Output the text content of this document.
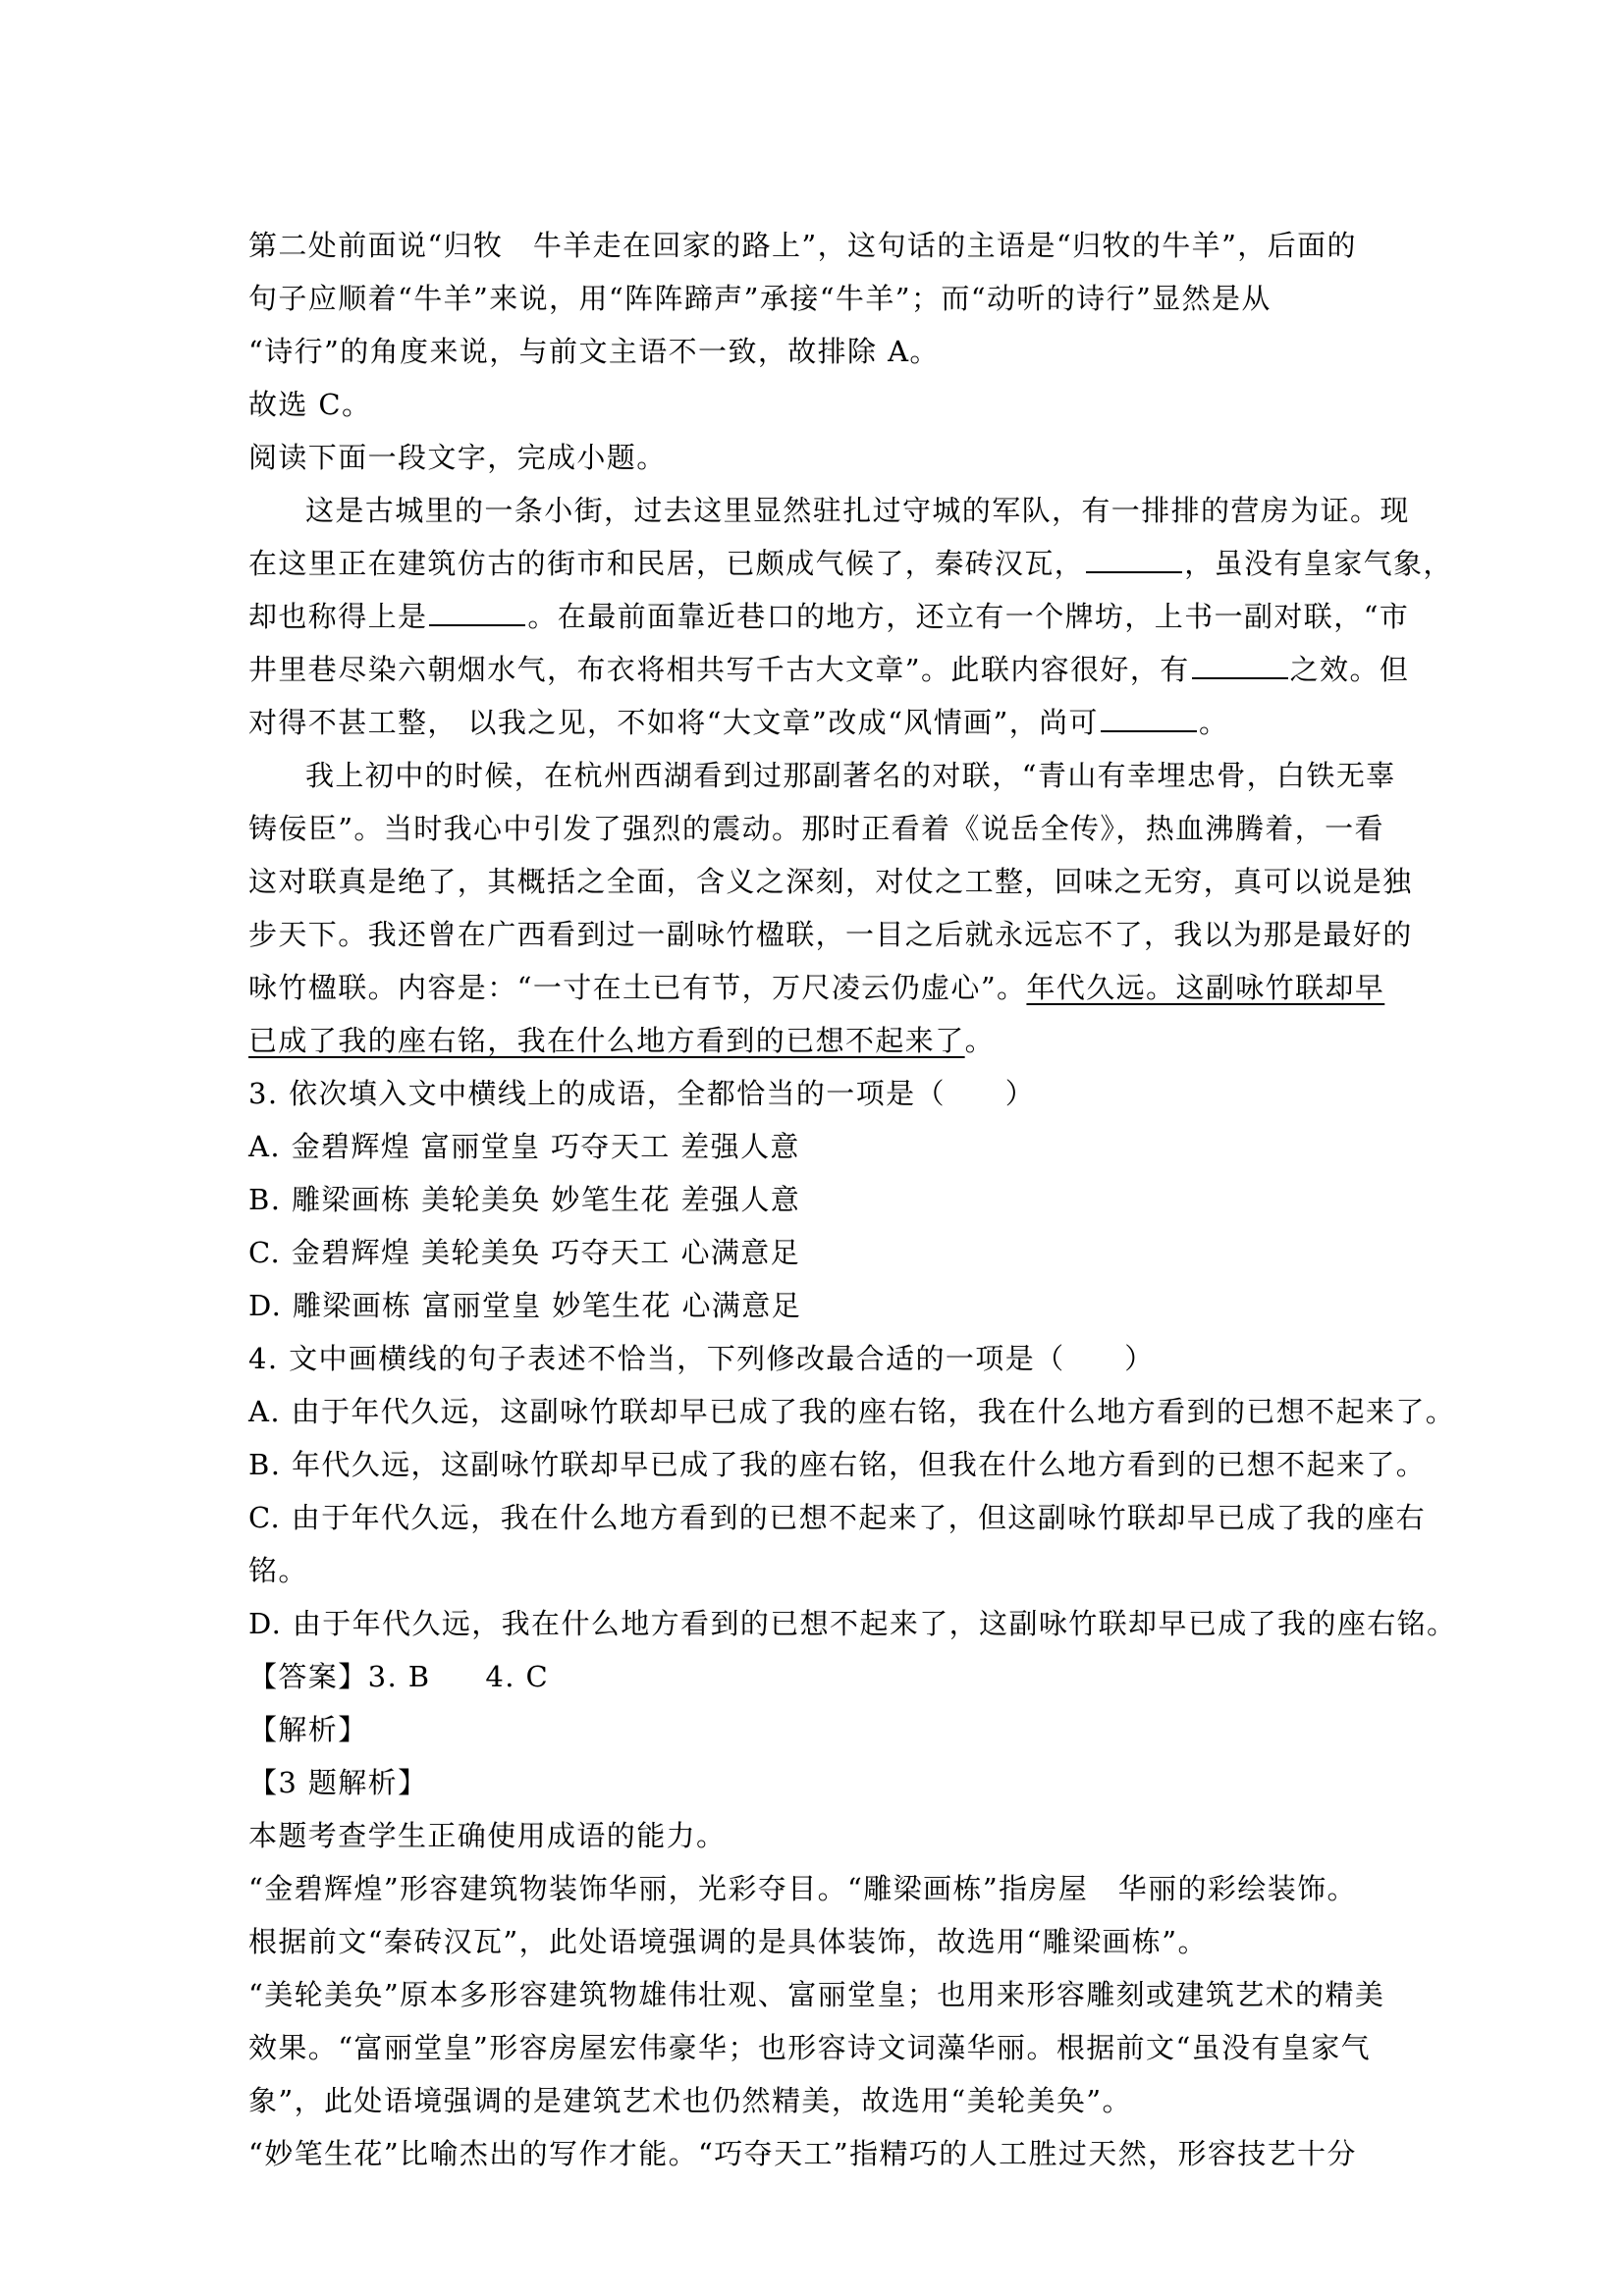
第二处前面说“归牧　牛羊走在回家的路上”，这句话的主语是“归牧的牛羊”，后面的
句子应顺着“牛羊”来说，用“阵阵蹄声”承接“牛羊”；而“动听的诗行”显然是从
“诗行”的角度来说，与前文主语不一致，故排除 A。
故选 C。
阅读下面一段文字，完成小题。
这是古城里的一条小街，过去这里显然驻扎过守城的军队，有一排排的营房为证。现
在这里正在建筑仿古的街市和民居，已颇成气候了，秦砖汉瓦，	，虽没有皇家气象，
却也称得上是	。在最前面靠近巷口的地方，还立有一个牌坊，上书一副对联，“市
井里巷尽染六朝烟水气，布衣将相共写千古大文章”。此联内容很好，有	之效。但
对得不甚工整， 以我之见，不如将“大文章”改成“风情画”，尚可	。
我上初中的时候，在杭州西湖看到过那副著名的对联，“青山有幸埋忠骨，白铁无辜
铸佞臣”。当时我心中引发了强烈的震动。那时正看着《说岳全传》，热血沸腾着，一看
这对联真是绝了，其概括之全面，含义之深刻，对仗之工整，回味之无穷，真可以说是独
步天下。我还曾在广西看到过一副咏竹楹联，一目之后就永远忘不了，我以为那是最好的
咏竹楹联。内容是：“一寸在土已有节，万尺凌云仍虚心”。年代久远。这副咏竹联却早
已成了我的座右铭，我在什么地方看到的已想不起来了。
3. 依次填入文中横线上的成语，全都恰当的一项是（　　）
A. 金碧辉煌 富丽堂皇 巧夺天工 差强人意
B. 雕梁画栋 美轮美奂 妙笔生花 差强人意
C. 金碧辉煌 美轮美奂 巧夺天工 心满意足
D. 雕梁画栋 富丽堂皇 妙笔生花 心满意足
4. 文中画横线的句子表述不恰当，下列修改最合适的一项是（　　）
A. 由于年代久远，这副咏竹联却早已成了我的座右铭，我在什么地方看到的已想不起来了。
B. 年代久远，这副咏竹联却早已成了我的座右铭，但我在什么地方看到的已想不起来了。
C. 由于年代久远，我在什么地方看到的已想不起来了，但这副咏竹联却早已成了我的座右
铭。
D. 由于年代久远，我在什么地方看到的已想不起来了，这副咏竹联却早已成了我的座右铭。
【答案】3. B 4. C
【解析】
【3 题解析】
本题考查学生正确使用成语的能力。
“金碧辉煌”形容建筑物装饰华丽，光彩夺目。“雕梁画栋”指房屋　华丽的彩绘装饰。
根据前文“秦砖汉瓦”，此处语境强调的是具体装饰，故选用“雕梁画栋”。
“美轮美奂”原本多形容建筑物雄伟壮观、富丽堂皇；也用来形容雕刻或建筑艺术的精美
效果。“富丽堂皇”形容房屋宏伟豪华；也形容诗文词藻华丽。根据前文“虽没有皇家气
象”，此处语境强调的是建筑艺术也仍然精美，故选用“美轮美奂”。
“妙笔生花”比喻杰出的写作才能。“巧夺天工”指精巧的人工胜过天然，形容技艺十分
